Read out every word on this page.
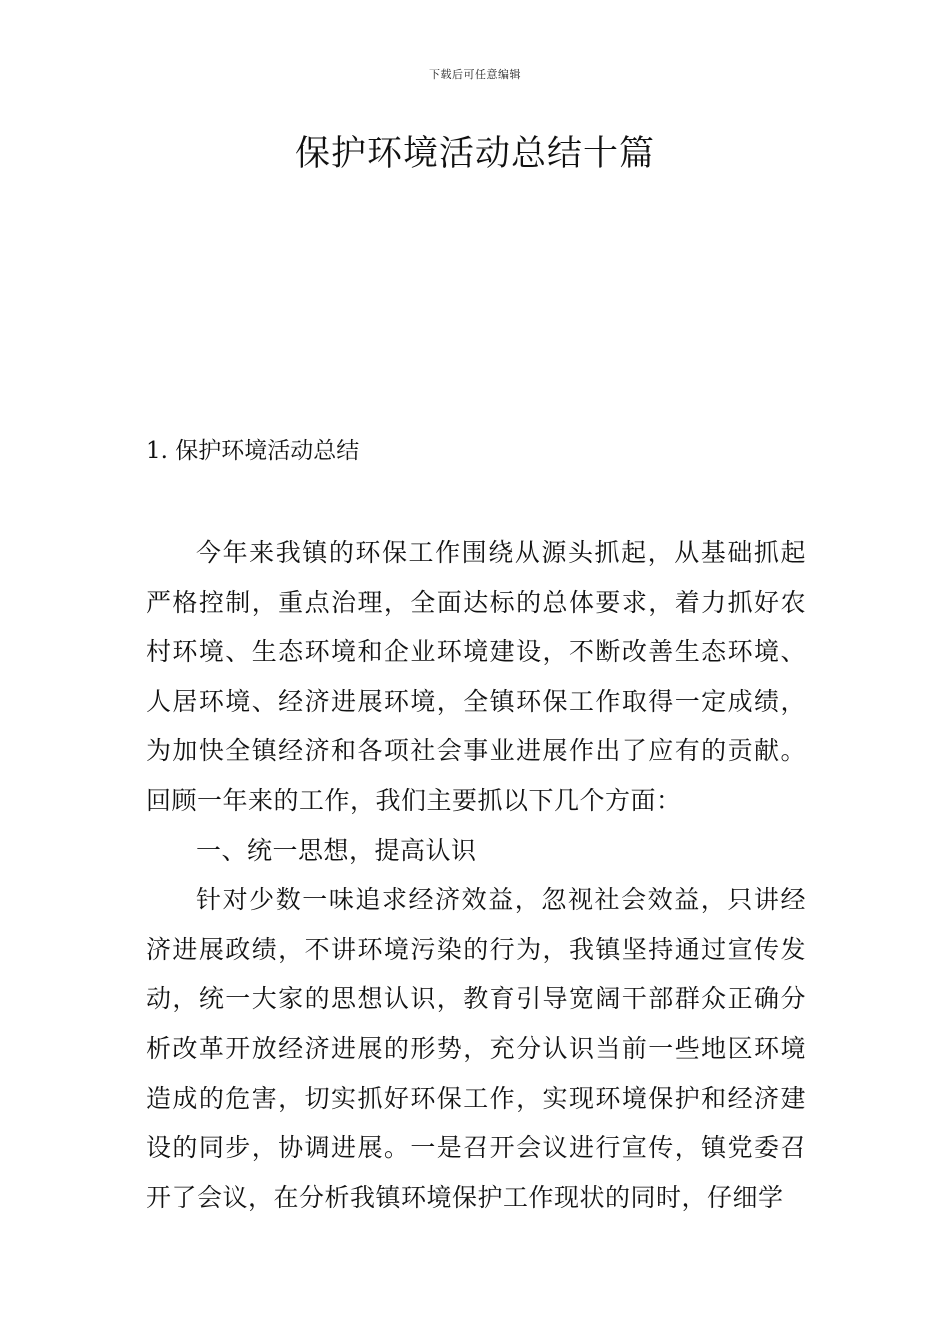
下载后可任意编辑
保护环境活动总结十篇
1. 保护环境活动总结

今年来我镇的环保工作围绕从源头抓起，从基础抓起严格控制，重点治理，全面达标的总体要求，着力抓好农村环境、生态环境和企业环境建设，不断改善生态环境、人居环境、经济进展环境，全镇环保工作取得一定成绩，为加快全镇经济和各项社会事业进展作出了应有的贡献。回顾一年来的工作，我们主要抓以下几个方面：

一、统一思想，提高认识

针对少数一味追求经济效益，忽视社会效益，只讲经济进展政绩，不讲环境污染的行为，我镇坚持通过宣传发动，统一大家的思想认识，教育引导宽阔干部群众正确分析改革开放经济进展的形势，充分认识当前一些地区环境造成的危害，切实抓好环保工作，实现环境保护和经济建设的同步，协调进展。一是召开会议进行宣传，镇党委召开了会议，在分析我镇环境保护工作现状的同时，仔细学
